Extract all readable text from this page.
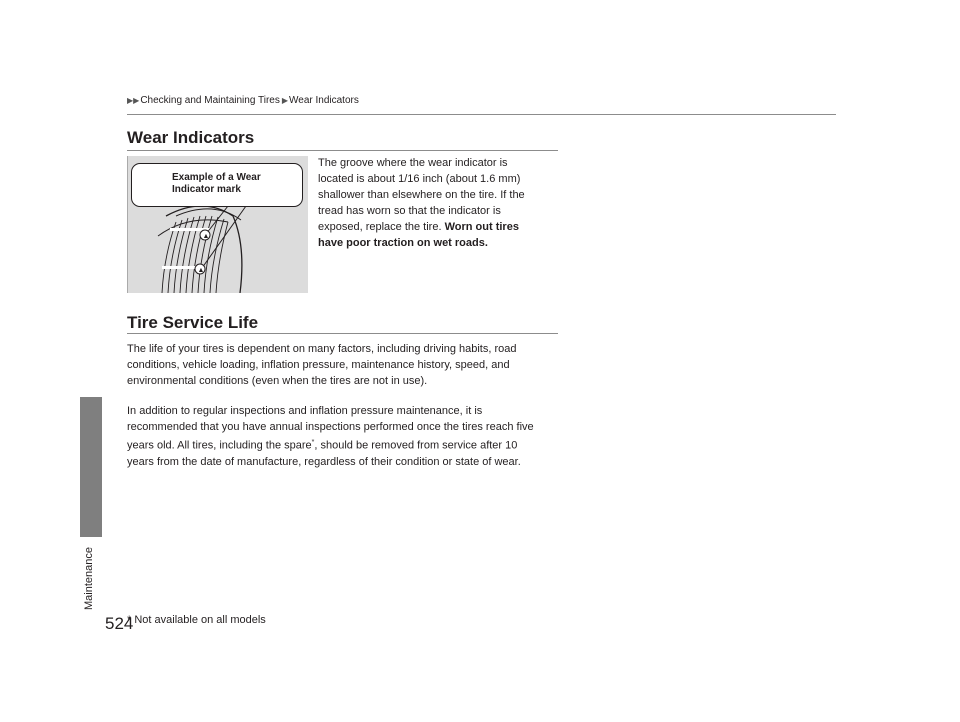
Maintenance
▶▶ Checking and Maintaining Tires ▶ Wear Indicators
Wear Indicators
▲
▲
Example of a Wear
Indicator mark
The groove where the wear indicator is
located is about 1/16 inch (about 1.6 mm)
shallower than elsewhere on the tire. If the
tread has worn so that the indicator is
exposed, replace the tire. Worn out tires
have poor traction on wet roads.
Tire Service Life
The life of your tires is dependent on many factors, including driving habits, road
conditions, vehicle loading, inflation pressure, maintenance history, speed, and
environmental conditions (even when the tires are not in use).
In addition to regular inspections and inflation pressure maintenance, it is
recommended that you have annual inspections performed once the tires reach five
years old. All tires, including the spare*, should be removed from service after 10
years from the date of manufacture, regardless of their condition or state of wear.
524
* Not available on all models
